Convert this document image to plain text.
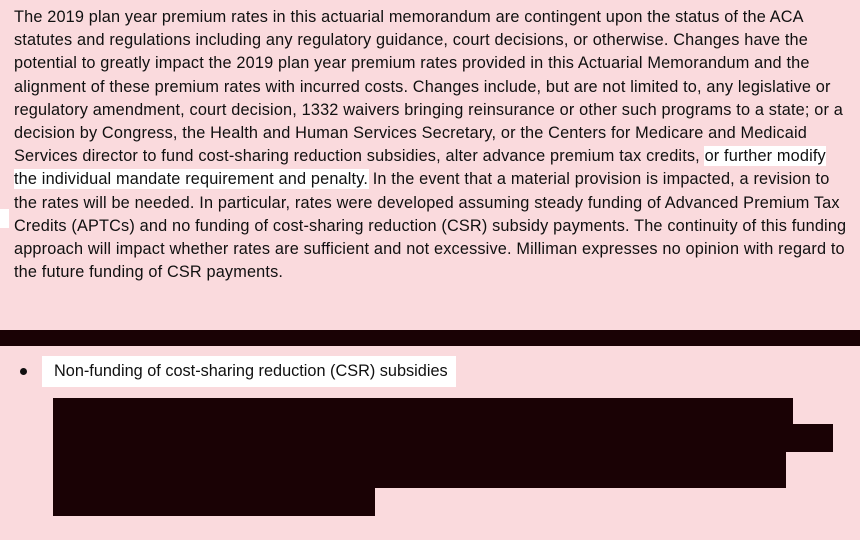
The 2019 plan year premium rates in this actuarial memorandum are contingent upon the status of the ACA statutes and regulations including any regulatory guidance, court decisions, or otherwise. Changes have the potential to greatly impact the 2019 plan year premium rates provided in this Actuarial Memorandum and the alignment of these premium rates with incurred costs. Changes include, but are not limited to, any legislative or regulatory amendment, court decision, 1332 waivers bringing reinsurance or other such programs to a state; or a decision by Congress, the Health and Human Services Secretary, or the Centers for Medicare and Medicaid Services director to fund cost-sharing reduction subsidies, alter advance premium tax credits, or further modify the individual mandate requirement and penalty. In the event that a material provision is impacted, a revision to the rates will be needed. In particular, rates were developed assuming steady funding of Advanced Premium Tax Credits (APTCs) and no funding of cost-sharing reduction (CSR) subsidy payments. The continuity of this funding approach will impact whether rates are sufficient and not excessive. Milliman expresses no opinion with regard to the future funding of CSR payments.

Non-funding of cost-sharing reduction (CSR) subsidies
